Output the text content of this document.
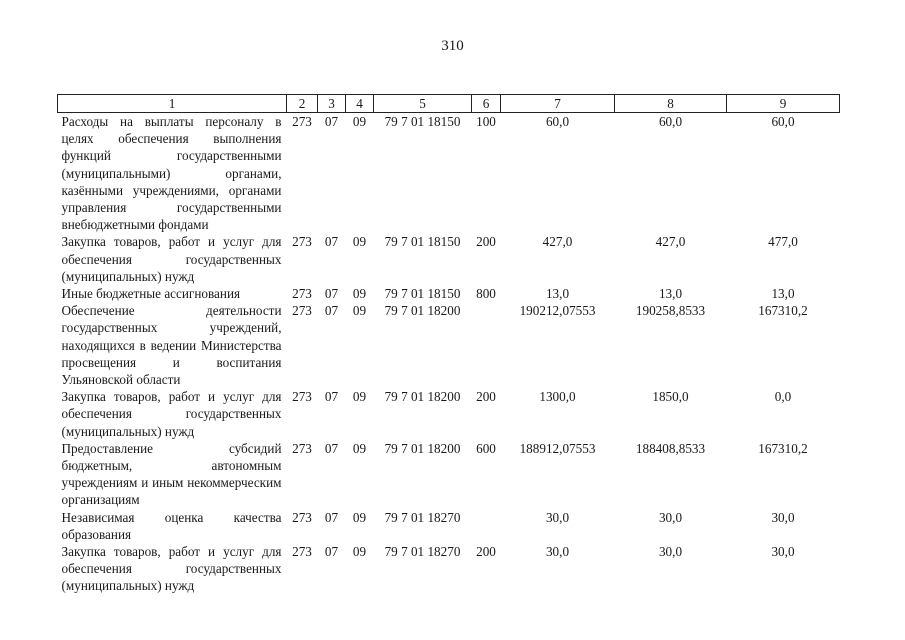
310
1	2	3	4	5	6	7	8	9
Расходы на выплаты персоналу в целях обеспечения выполнения функций государственными (муниципальными) органами, казёнными учреждениями, органами управления государственными внебюджетными фондами	273	07	09	79 7 01 18150	100	60,0	60,0	60,0
Закупка товаров, работ и услуг для обеспечения государственных (муниципальных) нужд	273	07	09	79 7 01 18150	200	427,0	427,0	477,0
Иные бюджетные ассигнования	273	07	09	79 7 01 18150	800	13,0	13,0	13,0
Обеспечение деятельности государственных учреждений, находящихся в ведении Министерства просвещения и воспитания Ульяновской области	273	07	09	79 7 01 18200		190212,07553	190258,8533	167310,2
Закупка товаров, работ и услуг для обеспечения государственных (муниципальных) нужд	273	07	09	79 7 01 18200	200	1300,0	1850,0	0,0
Предоставление субсидий бюджетным, автономным учреждениям и иным некоммерческим организациям	273	07	09	79 7 01 18200	600	188912,07553	188408,8533	167310,2
Независимая оценка качества образования	273	07	09	79 7 01 18270		30,0	30,0	30,0
Закупка товаров, работ и услуг для обеспечения государственных (муниципальных) нужд	273	07	09	79 7 01 18270	200	30,0	30,0	30,0
